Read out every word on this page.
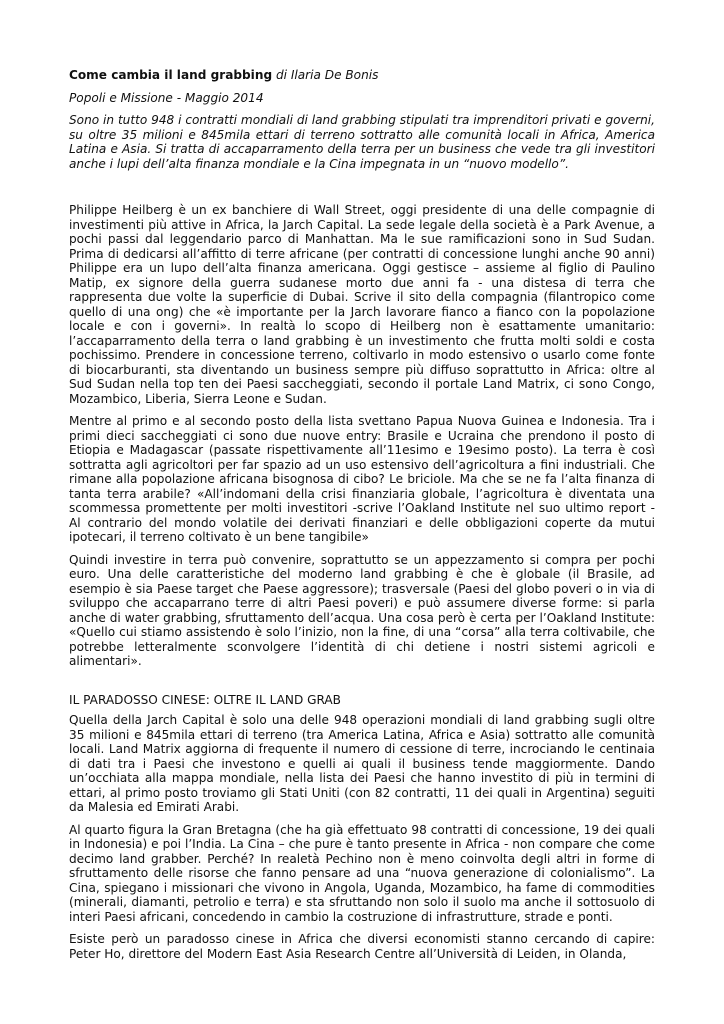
Come cambia il land grabbing di Ilaria De Bonis

Popoli e Missione - Maggio 2014

Sono in tutto 948 i contratti mondiali di land grabbing stipulati tra imprenditori privati e governi, su oltre 35 milioni e 845mila ettari di terreno sottratto alle comunità locali in Africa, America Latina e Asia. Si tratta di accaparramento della terra per un business che vede tra gli investitori anche i lupi dell’alta finanza mondiale e la Cina impegnata in un “nuovo modello”.

Philippe Heilberg è un ex banchiere di Wall Street, oggi presidente di una delle compagnie di investimenti più attive in Africa, la Jarch Capital. La sede legale della società è a Park Avenue, a pochi passi dal leggendario parco di Manhattan. Ma le sue ramificazioni sono in Sud Sudan. Prima di dedicarsi all’affitto di terre africane (per contratti di concessione lunghi anche 90 anni) Philippe era un lupo dell’alta finanza americana. Oggi gestisce – assieme al figlio di Paulino Matip, ex signore della guerra sudanese morto due anni fa - una distesa di terra che rappresenta due volte la superficie di Dubai. Scrive il sito della compagnia (filantropico come quello di una ong) che «è importante per la Jarch lavorare fianco a fianco con la popolazione locale e con i governi». In realtà lo scopo di Heilberg non è esattamente umanitario: l’accaparramento della terra o land grabbing è un investimento che frutta molti soldi e costa pochissimo. Prendere in concessione terreno, coltivarlo in modo estensivo o usarlo come fonte di biocarburanti, sta diventando un business sempre più diffuso soprattutto in Africa: oltre al Sud Sudan nella top ten dei Paesi saccheggiati, secondo il portale Land Matrix, ci sono Congo, Mozambico, Liberia, Sierra Leone e Sudan.

Mentre al primo e al secondo posto della lista svettano Papua Nuova Guinea e Indonesia. Tra i primi dieci saccheggiati ci sono due nuove entry: Brasile e Ucraina che prendono il posto di Etiopia e Madagascar (passate rispettivamente all’11esimo e 19esimo posto). La terra è così sottratta agli agricoltori per far spazio ad un uso estensivo dell’agricoltura a fini industriali. Che rimane alla popolazione africana bisognosa di cibo? Le briciole. Ma che se ne fa l’alta finanza di tanta terra arabile? «All’indomani della crisi finanziaria globale, l’agricoltura è diventata una scommessa promettente per molti investitori -scrive l’Oakland Institute nel suo ultimo report - Al contrario del mondo volatile dei derivati finanziari e delle obbligazioni coperte da mutui ipotecari, il terreno coltivato è un bene tangibile»

Quindi investire in terra può convenire, soprattutto se un appezzamento si compra per pochi euro. Una delle caratteristiche del moderno land grabbing è che è globale (il Brasile, ad esempio è sia Paese target che Paese aggressore); trasversale (Paesi del globo poveri o in via di sviluppo che accaparrano terre di altri Paesi poveri) e può assumere diverse forme: si parla anche di water grabbing, sfruttamento dell’acqua. Una cosa però è certa per l’Oakland Institute: «Quello cui stiamo assistendo è solo l’inizio, non la fine, di una “corsa” alla terra coltivabile, che potrebbe letteralmente sconvolgere l’identità di chi detiene i nostri sistemi agricoli e alimentari».

IL PARADOSSO CINESE: OLTRE IL LAND GRAB

Quella della Jarch Capital è solo una delle 948 operazioni mondiali di land grabbing sugli oltre 35 milioni e 845mila ettari di terreno (tra America Latina, Africa e Asia) sottratto alle comunità locali. Land Matrix aggiorna di frequente il numero di cessione di terre, incrociando le centinaia di dati tra i Paesi che investono e quelli ai quali il business tende maggiormente. Dando un’occhiata alla mappa mondiale, nella lista dei Paesi che hanno investito di più in termini di ettari, al primo posto troviamo gli Stati Uniti (con 82 contratti, 11 dei quali in Argentina) seguiti da Malesia ed Emirati Arabi.

Al quarto figura la Gran Bretagna (che ha già effettuato 98 contratti di concessione, 19 dei quali in Indonesia) e poi l’India. La Cina – che pure è tanto presente in Africa - non compare che come decimo land grabber. Perché? In realetà Pechino non è meno coinvolta degli altri in forme di sfruttamento delle risorse che fanno pensare ad una “nuova generazione di colonialismo”. La Cina, spiegano i missionari che vivono in Angola, Uganda, Mozambico, ha fame di commodities (minerali, diamanti, petrolio e terra) e sta sfruttando non solo il suolo ma anche il sottosuolo di interi Paesi africani, concedendo in cambio la costruzione di infrastrutture, strade e ponti.

Esiste però un paradosso cinese in Africa che diversi economisti stanno cercando di capire: Peter Ho, direttore del Modern East Asia Research Centre all’Università di Leiden, in Olanda,
